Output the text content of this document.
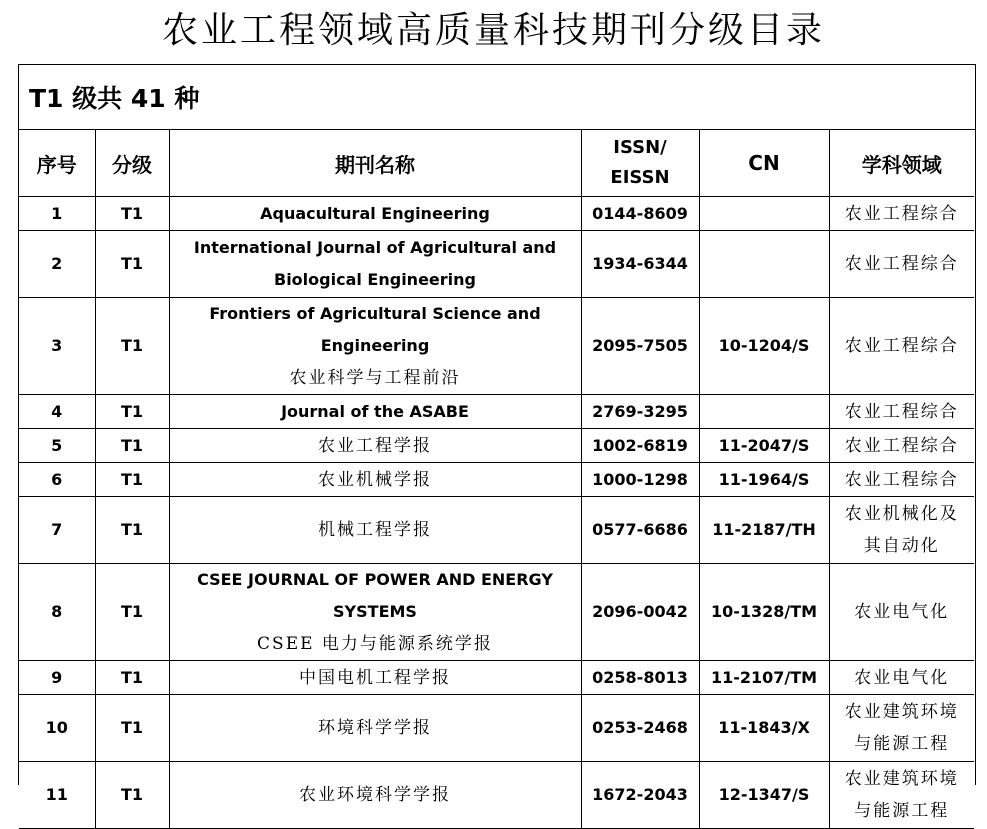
农业工程领域高质量科技期刊分级目录
T1 级共 41 种
序号	分级	期刊名称	ISSN/
EISSN	CN	学科领域
1	T1	Aquacultural Engineering	0144-8609		农业工程综合

2	T1	International Journal of Agricultural and
Biological Engineering	1934-6344		农业工程综合

3	T1	Frontiers of Agricultural Science and Engineering
农业科学与工程前沿	2095-7505	10-1204/S	农业工程综合

4	T1	Journal of the ASABE	2769-3295		农业工程综合

5	T1	农业工程学报	1002-6819	11-2047/S	农业工程综合

6	T1	农业机械学报	1000-1298	11-1964/S	农业工程综合

7	T1	机械工程学报	0577-6686	11-2187/TH	农业机械化及
其自动化

8	T1	CSEE JOURNAL OF POWER AND ENERGY SYSTEMS
CSEE 电力与能源系统学报	2096-0042	10-1328/TM	农业电气化

9	T1	中国电机工程学报	0258-8013	11-2107/TM	农业电气化

10	T1	环境科学学报	0253-2468	11-1843/X	农业建筑环境
与能源工程

11	T1	农业环境科学学报	1672-2043	12-1347/S	农业建筑环境
与能源工程
